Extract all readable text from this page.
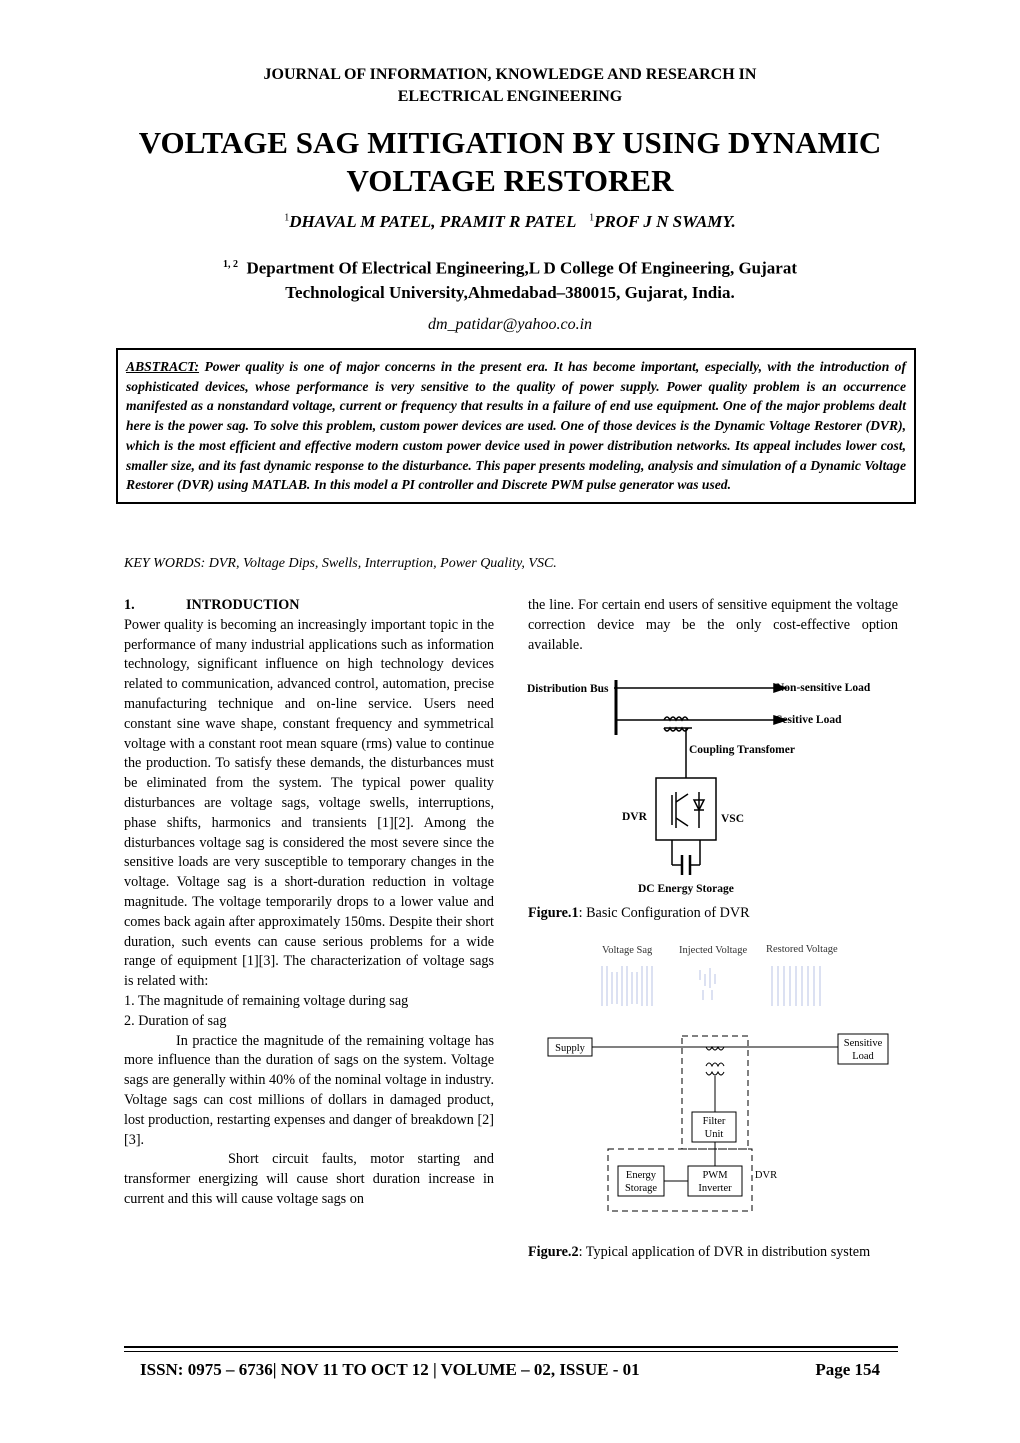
JOURNAL OF INFORMATION, KNOWLEDGE AND RESEARCH IN
ELECTRICAL ENGINEERING
VOLTAGE SAG MITIGATION BY USING DYNAMIC
VOLTAGE RESTORER
$^1$DHAVAL M PATEL, PRAMIT R PATEL $^1$PROF J N SWAMY.
$^{1, 2}$ Department Of Electrical Engineering,L D College Of Engineering, Gujarat
Technological University,Ahmedabad–380015, Gujarat, India.
dm_patidar@yahoo.co.in
ABSTRACT: Power quality is one of major concerns in the present era. It has become important, especially, with the introduction of sophisticated devices, whose performance is very sensitive to the quality of power supply. Power quality problem is an occurrence manifested as a nonstandard voltage, current or frequency that results in a failure of end use equipment. One of the major problems dealt here is the power sag. To solve this problem, custom power devices are used. One of those devices is the Dynamic Voltage Restorer (DVR), which is the most efficient and effective modern custom power device used in power distribution networks. Its appeal includes lower cost, smaller size, and its fast dynamic response to the disturbance. This paper presents modeling, analysis and simulation of a Dynamic Voltage Restorer (DVR) using MATLAB. In this model a PI controller and Discrete PWM pulse generator was used.
KEY WORDS: DVR, Voltage Dips, Swells, Interruption, Power Quality, VSC.

1.	INTRODUCTION

Power quality is becoming an increasingly important topic in the performance of many industrial applications such as information technology, significant influence on high technology devices related to communication, advanced control, automation, precise manufacturing technique and on-line service. Users need constant sine wave shape, constant frequency and symmetrical voltage with a constant root mean square (rms) value to continue the production. To satisfy these demands, the disturbances must be eliminated from the system. The typical power quality disturbances are voltage sags, voltage swells, interruptions, phase shifts, harmonics and transients [1][2]. Among the disturbances voltage sag is considered the most severe since the sensitive loads are very susceptible to temporary changes in the voltage. Voltage sag is a short-duration reduction in voltage magnitude. The voltage temporarily drops to a lower value and comes back again after approximately 150ms. Despite their short duration, such events can cause serious problems for a wide range of equipment [1][3]. The characterization of voltage sags is related with:

1. The magnitude of remaining voltage during sag

2. Duration of sag

In practice the magnitude of the remaining voltage has more influence than the duration of sags on the system. Voltage sags are generally within 40% of the nominal voltage in industry. Voltage sags can cost millions of dollars in damaged product, lost production, restarting expenses and danger of breakdown [2][3].

Short circuit faults, motor starting and transformer energizing will cause short duration increase in current and this will cause voltage sags on

the line. For certain end users of sensitive equipment the voltage correction device may be the only cost-effective option available.

Distribution Bus	Non-sensitive Load
Sesitive Load
Coupling Transfomer
DVR	VSC
DC Energy Storage
Figure.1: Basic Configuration of DVR
Voltage Sag	Injected Voltage Restored Voltage
Supply	Sensitive
Load
Filter
Unit
Energy
Storage
PWM
Inverter
DVR
Figure.2: Typical application of DVR in distribution system
ISSN: 0975 – 6736| NOV 11 TO OCT 12 | VOLUME – 02, ISSUE - 01	Page 154
